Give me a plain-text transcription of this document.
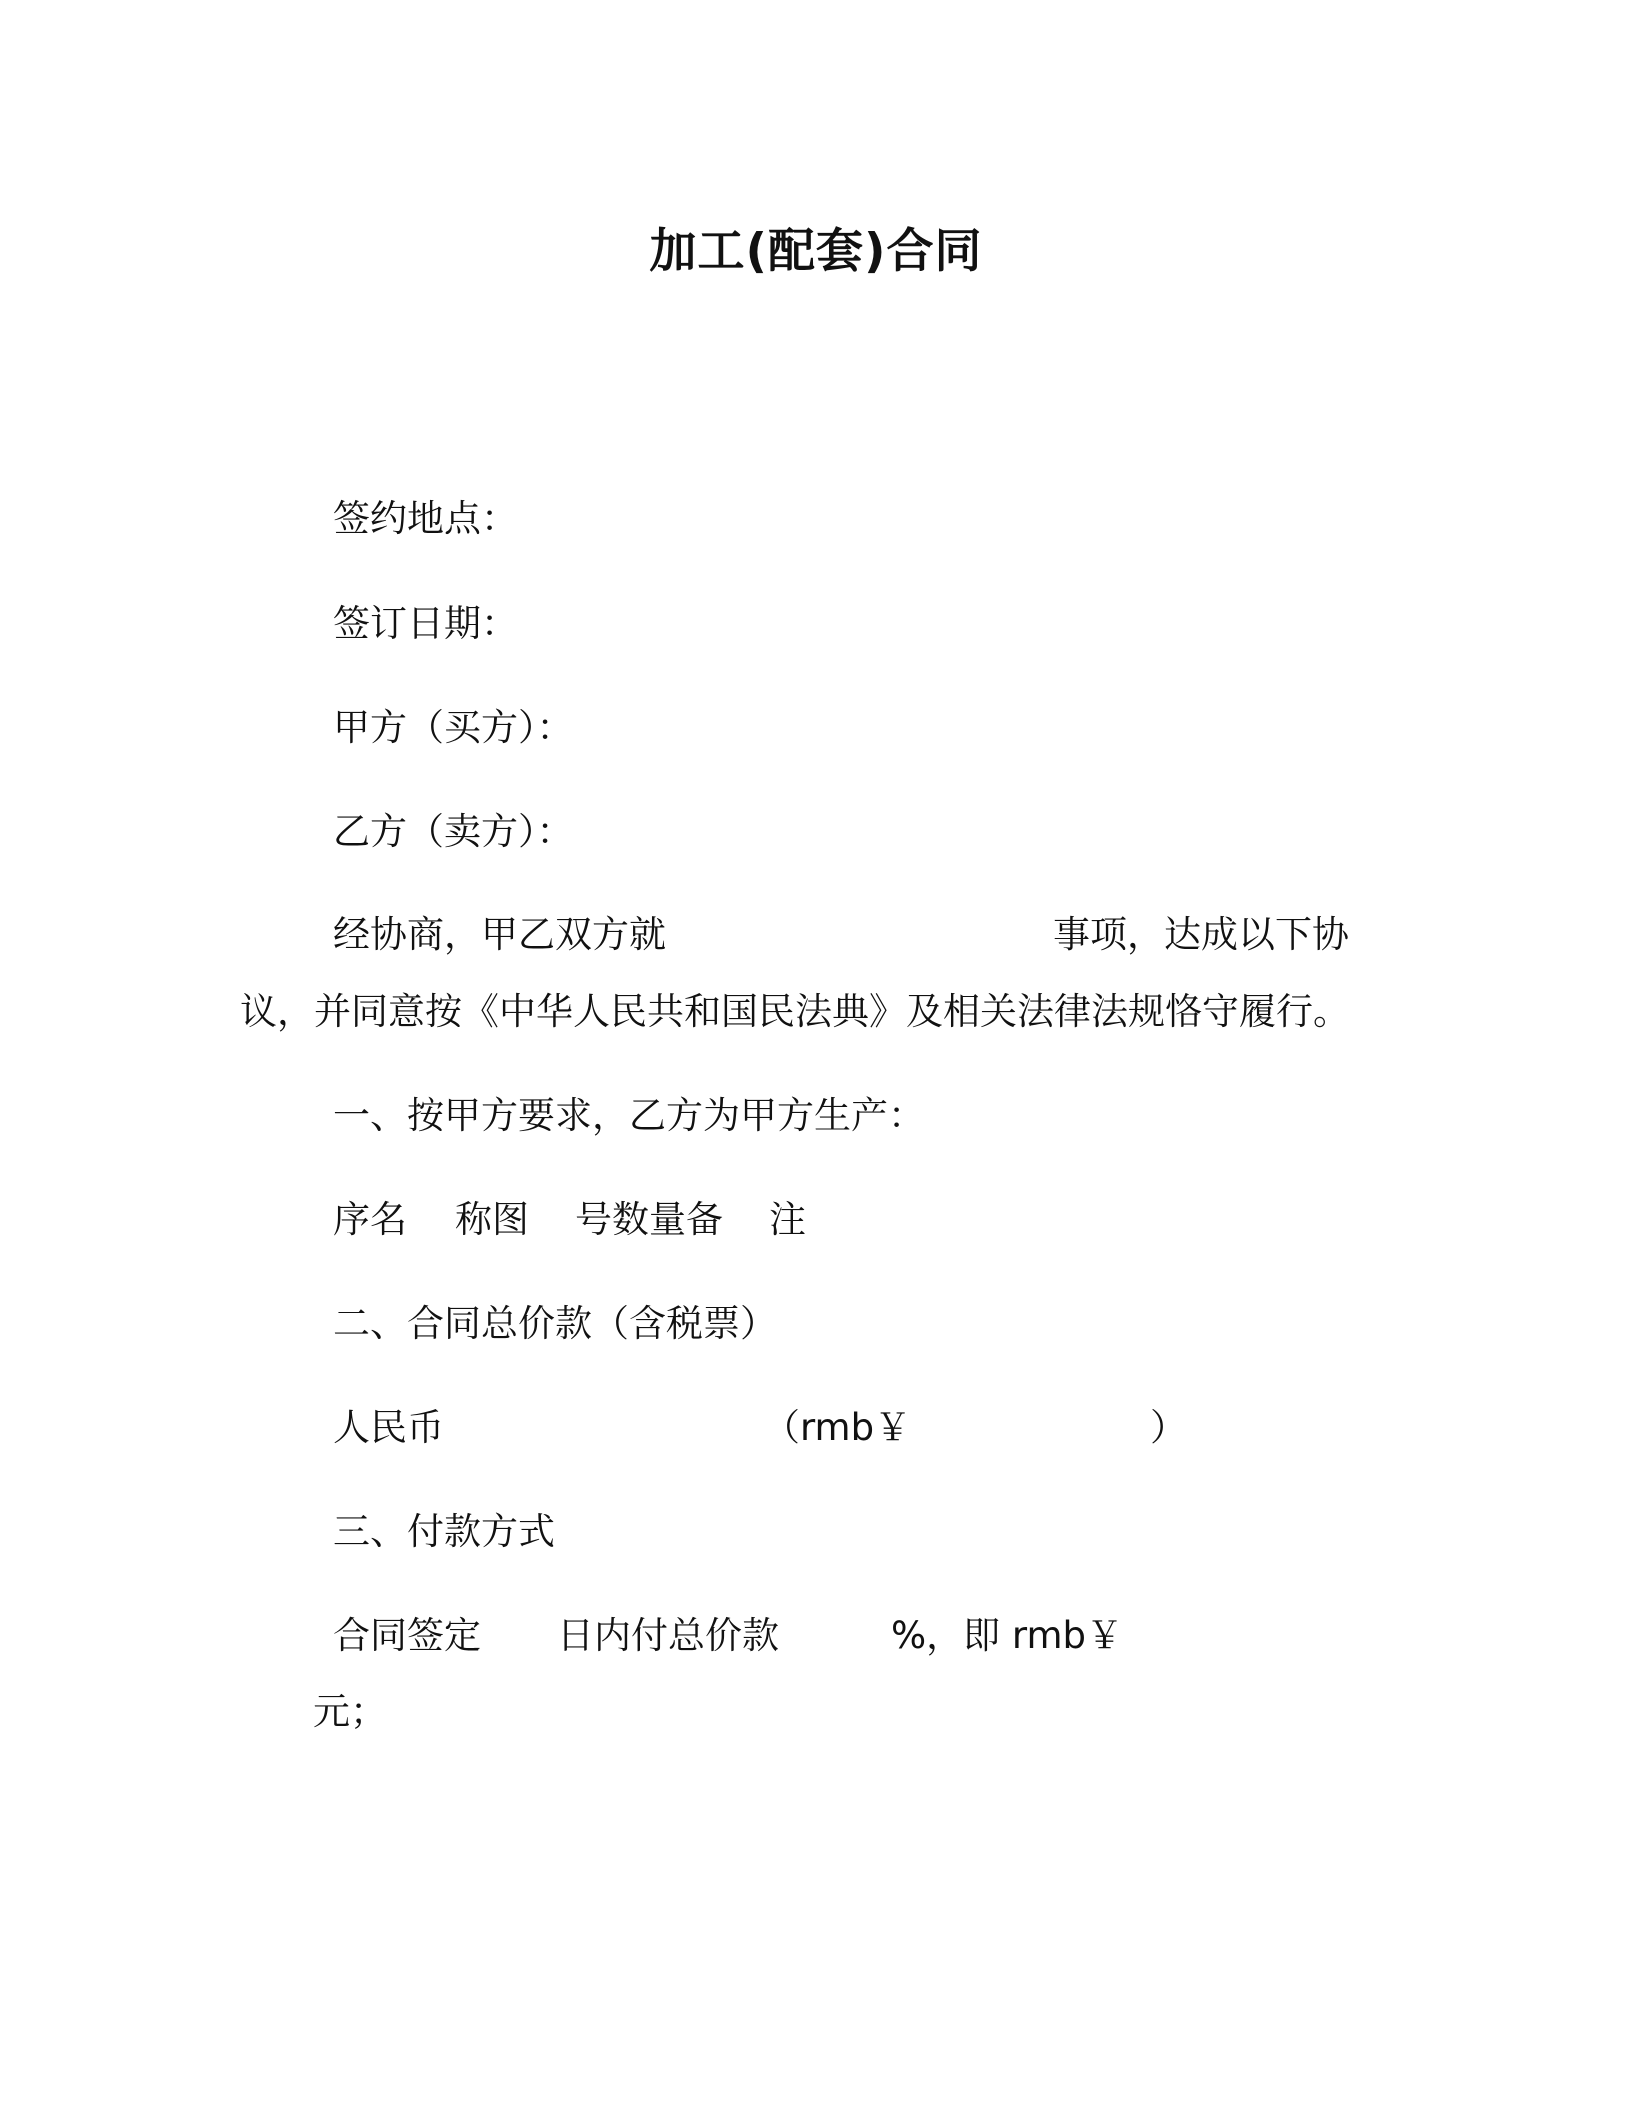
加工(配套)合同
签约地点：
签订日期：
甲方（买方）：
乙方（卖方）：
经协商，甲乙双方就	事项，达成以下协
议，并同意按《中华人民共和国民法典》及相关法律法规恪守履行。
一、按甲方要求，乙方为甲方生产：
序名 称图 号数量备 注
二、合同总价款（含税票）
人民币	（rmb￥	）
三、付款方式
合同签定 日内付总价款	%，即 rmb￥
元；
